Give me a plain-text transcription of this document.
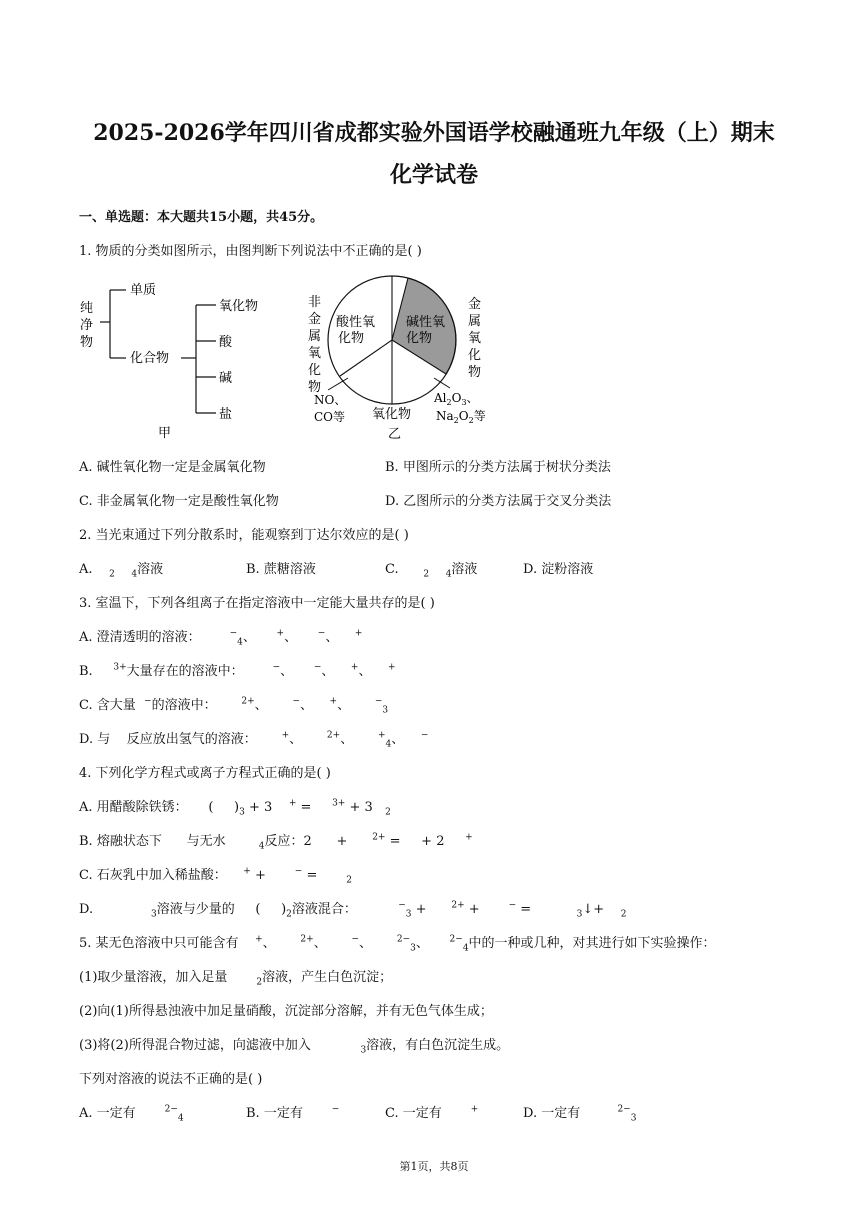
2025-2026学年四川省成都实验外国语学校融通班九年级（上）期末
化学试卷
一、单选题：本大题共15小题，共45分。
1. 物质的分类如图所示，由图判断下列说法中不正确的是( )
纯
净
物
单质
化合物
氧化物
酸
碱
盐
甲
非
金
属
氧
化
物
金
属
氧
化
物
酸性氧
化物
碱性氧
化物
NO、
CO等 氧化物
$Al_2O_3$、
$Na_2O_2$等
乙
A. 碱性氧化物一定是金属氧化物	B. 甲图所示的分类方法属于树状分类法
C. 非金属氧化物一定是酸性氧化物	D. 乙图所示的分类方法属于交叉分类法
2. 当光束通过下列分散系时，能观察到丁达尔效应的是( )
A.    $_2$ $_4$溶液	B. 蔗糖溶液	C.      $_2$ $_4$溶液	D. 淀粉溶液
3. 室温下，下列各组离子在指定溶液中一定能大量共存的是( )
A. 澄清透明的溶液：	−$_4$、     +、     −、    +
B.     $^{3+}$大量存在的溶液中：	−、     −、    +、    +
C. 含大量 −的溶液中：	$^{2+}$、      −、    +、      −$_3$
D. 与 反应放出氢气的溶液：	+、      $^{2+}$、      +$_4$、    −
4. 下列化学方程式或离子方程式正确的是( )
A. 用醋酸除铁锈：     (     )$_3 + 3$    + =     $^{3+}$ + 3   $_2$
B. 熔融状态下 与无水	$_4$反应：2      +      $^{2+}$ =     + 2     +
C. 石灰乳中加入稀盐酸： + +       − =       $_2$
D.	$_3$溶液与少量的     (     )$_2$溶液混合：	−$_3$ +      $^{2+}$ +       − =           $_3$↓+    $_2$
5. 某无色溶液中只可能含有 +、      $^{2+}$、      −、      $^{2-}_3$、     $^{2-}_4$中的一种或几种，对其进行如下实验操作：
(1)取少量溶液，加入足量	$_2$溶液，产生白色沉淀；
(2)向(1)所得悬浊液中加足量硝酸，沉淀部分溶解，并有无色气体生成；
(3)将(2)所得混合物过滤，向滤液中加入	$_3$溶液，有白色沉淀生成。
下列对溶液的说法不正确的是( )
A. 一定有	$^{2-}_4$	B. 一定有	−	C. 一定有	+	D. 一定有	$^{2-}_3$
第1页，共8页
